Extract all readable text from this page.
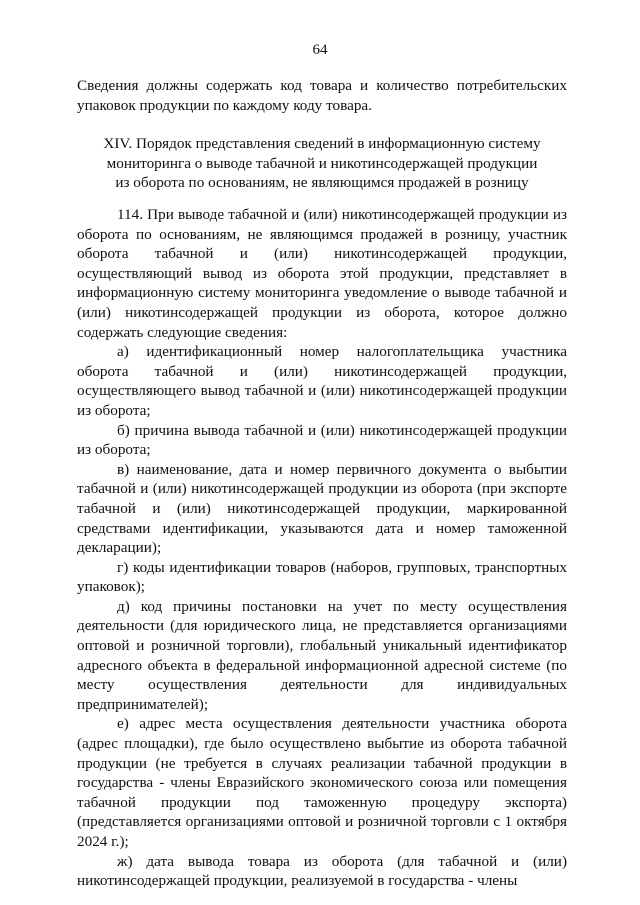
64
Сведения должны содержать код товара и количество потребительских упаковок продукции по каждому коду товара.
XIV. Порядок представления сведений в информационную систему
мониторинга о выводе табачной и никотинсодержащей продукции
из оборота по основаниям, не являющимся продажей в розницу

114. При выводе табачной и (или) никотинсодержащей продукции из оборота по основаниям, не являющимся продажей в розницу, участник оборота табачной и (или) никотинсодержащей продукции, осуществляющий вывод из оборота этой продукции, представляет в информационную систему мониторинга уведомление о выводе табачной и (или) никотинсодержащей продукции из оборота, которое должно содержать следующие сведения:

а) идентификационный номер налогоплательщика участника оборота табачной и (или) никотинсодержащей продукции, осуществляющего вывод табачной и (или) никотинсодержащей продукции из оборота;

б) причина вывода табачной и (или) никотинсодержащей продукции из оборота;

в) наименование, дата и номер первичного документа о выбытии табачной и (или) никотинсодержащей продукции из оборота (при экспорте табачной и (или) никотинсодержащей продукции, маркированной средствами идентификации, указываются дата и номер таможенной декларации);

г) коды идентификации товаров (наборов, групповых, транспортных упаковок);

д) код причины постановки на учет по месту осуществления деятельности (для юридического лица, не представляется организациями оптовой и розничной торговли), глобальный уникальный идентификатор адресного объекта в федеральной информационной адресной системе (по месту осуществления деятельности для индивидуальных предпринимателей);

е) адрес места осуществления деятельности участника оборота (адрес площадки), где было осуществлено выбытие из оборота табачной продукции (не требуется в случаях реализации табачной продукции в государства - члены Евразийского экономического союза или помещения табачной продукции под таможенную процедуру экспорта) (представляется организациями оптовой и розничной торговли с 1 октября 2024 г.);

ж) дата вывода товара из оборота (для табачной и (или) никотинсодержащей продукции, реализуемой в государства - члены
